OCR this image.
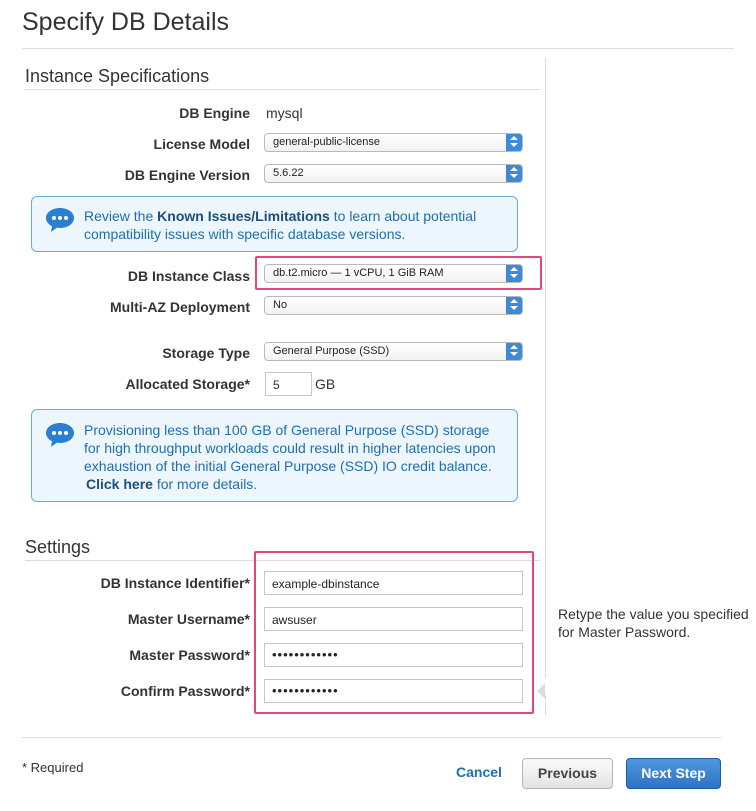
Specify DB Details
Instance Specifications
DB Engine mysql
License Model	general-public-license
DB Engine Version	5.6.22
Review the Known Issues/Limitations to learn about potential compatibility issues with specific database versions.
DB Instance Class	db.t2.micro — 1 vCPU, 1 GiB RAM
Multi-AZ Deployment	No
Storage Type	General Purpose (SSD)
Allocated Storage*	5	GB
Provisioning less than 100 GB of General Purpose (SSD) storage for high throughput workloads could result in higher latencies upon exhaustion of the initial General Purpose (SSD) IO credit balance.
Click here for more details.
Settings
DB Instance Identifier*	example-dbinstance
Master Username*	awsuser
Master Password*	••••••••••••
Confirm Password*	••••••••••••
Retype the value you specified for Master Password.
* Required	Cancel	Previous	Next Step
